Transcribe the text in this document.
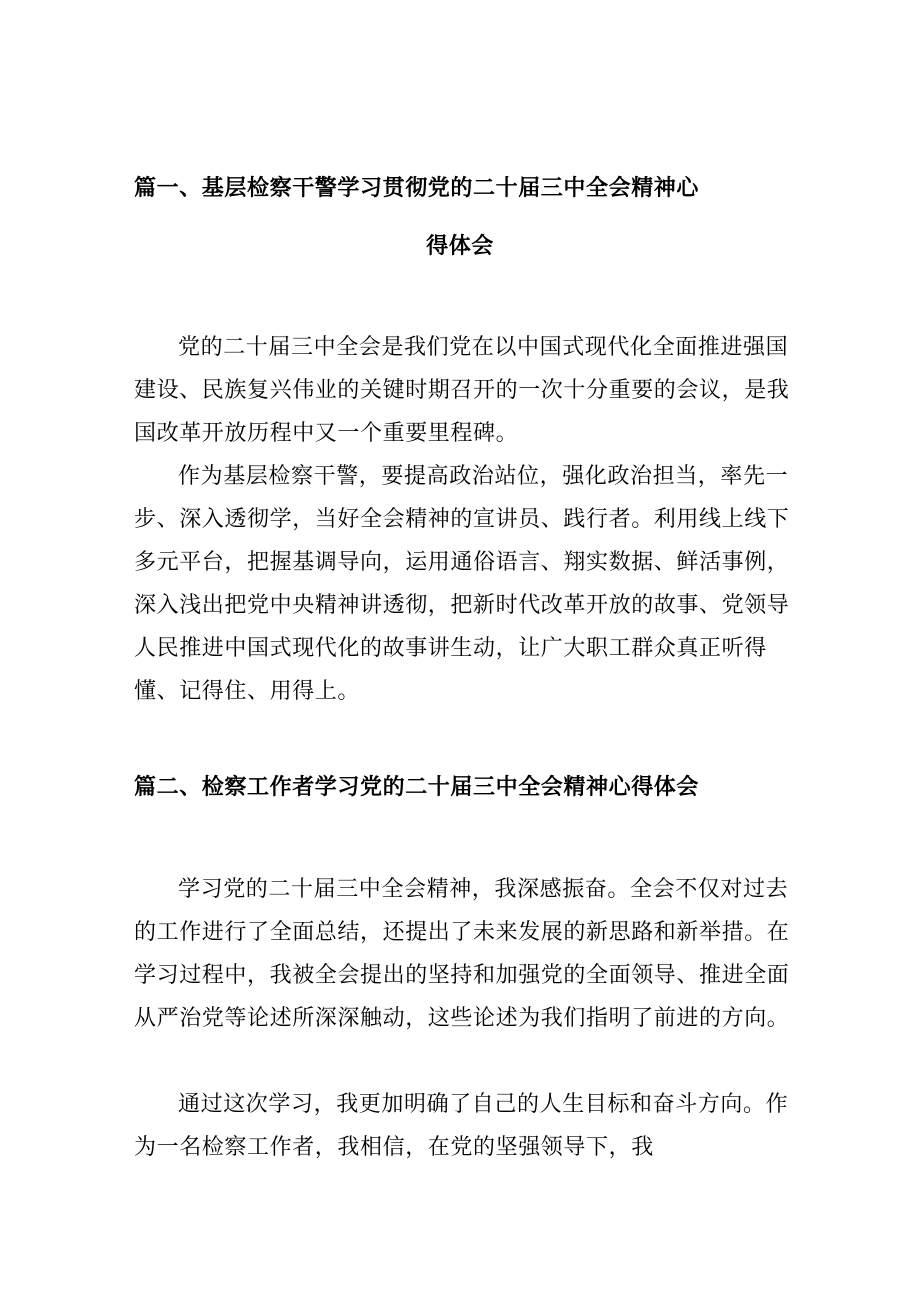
篇一、基层检察干警学习贯彻党的二十届三中全会精神心
得体会

党的二十届三中全会是我们党在以中国式现代化全面推进强国建设、民族复兴伟业的关键时期召开的一次十分重要的会议，是我国改革开放历程中又一个重要里程碑。

作为基层检察干警，要提高政治站位，强化政治担当，率先一步、深入透彻学，当好全会精神的宣讲员、践行者。利用线上线下多元平台，把握基调导向，运用通俗语言、翔实数据、鲜活事例，深入浅出把党中央精神讲透彻，把新时代改革开放的故事、党领导人民推进中国式现代化的故事讲生动，让广大职工群众真正听得懂、记得住、用得上。

篇二、检察工作者学习党的二十届三中全会精神心得体会

学习党的二十届三中全会精神，我深感振奋。全会不仅对过去的工作进行了全面总结，还提出了未来发展的新思路和新举措。在学习过程中，我被全会提出的坚持和加强党的全面领导、推进全面从严治党等论述所深深触动，这些论述为我们指明了前进的方向。

通过这次学习，我更加明确了自己的人生目标和奋斗方向。作为一名检察工作者，我相信，在党的坚强领导下，我
